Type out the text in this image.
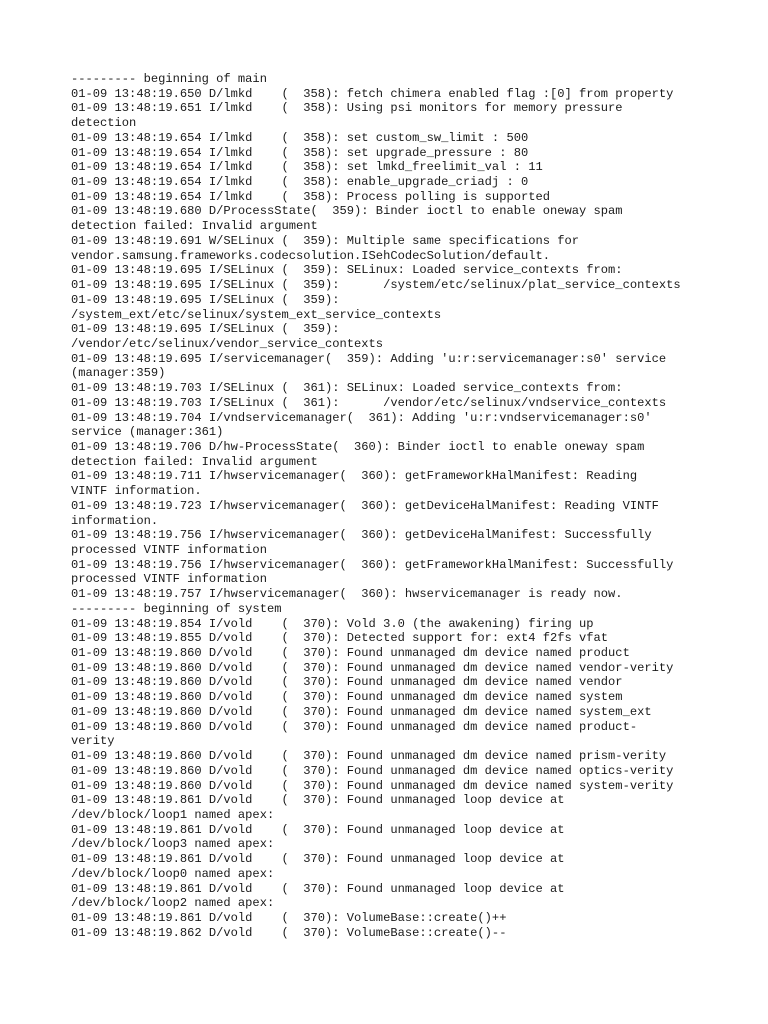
--------- beginning of main
01-09 13:48:19.650 D/lmkd    (  358): fetch chimera enabled flag :[0] from property
01-09 13:48:19.651 I/lmkd    (  358): Using psi monitors for memory pressure
detection
01-09 13:48:19.654 I/lmkd    (  358): set custom_sw_limit : 500
01-09 13:48:19.654 I/lmkd    (  358): set upgrade_pressure : 80
01-09 13:48:19.654 I/lmkd    (  358): set lmkd_freelimit_val : 11
01-09 13:48:19.654 I/lmkd    (  358): enable_upgrade_criadj : 0
01-09 13:48:19.654 I/lmkd    (  358): Process polling is supported
01-09 13:48:19.680 D/ProcessState(  359): Binder ioctl to enable oneway spam
detection failed: Invalid argument
01-09 13:48:19.691 W/SELinux (  359): Multiple same specifications for
vendor.samsung.frameworks.codecsolution.ISehCodecSolution/default.
01-09 13:48:19.695 I/SELinux (  359): SELinux: Loaded service_contexts from:
01-09 13:48:19.695 I/SELinux (  359):      /system/etc/selinux/plat_service_contexts
01-09 13:48:19.695 I/SELinux (  359):
/system_ext/etc/selinux/system_ext_service_contexts
01-09 13:48:19.695 I/SELinux (  359):
/vendor/etc/selinux/vendor_service_contexts
01-09 13:48:19.695 I/servicemanager(  359): Adding 'u:r:servicemanager:s0' service
(manager:359)
01-09 13:48:19.703 I/SELinux (  361): SELinux: Loaded service_contexts from:
01-09 13:48:19.703 I/SELinux (  361):      /vendor/etc/selinux/vndservice_contexts
01-09 13:48:19.704 I/vndservicemanager(  361): Adding 'u:r:vndservicemanager:s0'
service (manager:361)
01-09 13:48:19.706 D/hw-ProcessState(  360): Binder ioctl to enable oneway spam
detection failed: Invalid argument
01-09 13:48:19.711 I/hwservicemanager(  360): getFrameworkHalManifest: Reading
VINTF information.
01-09 13:48:19.723 I/hwservicemanager(  360): getDeviceHalManifest: Reading VINTF
information.
01-09 13:48:19.756 I/hwservicemanager(  360): getDeviceHalManifest: Successfully
processed VINTF information
01-09 13:48:19.756 I/hwservicemanager(  360): getFrameworkHalManifest: Successfully
processed VINTF information
01-09 13:48:19.757 I/hwservicemanager(  360): hwservicemanager is ready now.
--------- beginning of system
01-09 13:48:19.854 I/vold    (  370): Vold 3.0 (the awakening) firing up
01-09 13:48:19.855 D/vold    (  370): Detected support for: ext4 f2fs vfat
01-09 13:48:19.860 D/vold    (  370): Found unmanaged dm device named product
01-09 13:48:19.860 D/vold    (  370): Found unmanaged dm device named vendor-verity
01-09 13:48:19.860 D/vold    (  370): Found unmanaged dm device named vendor
01-09 13:48:19.860 D/vold    (  370): Found unmanaged dm device named system
01-09 13:48:19.860 D/vold    (  370): Found unmanaged dm device named system_ext
01-09 13:48:19.860 D/vold    (  370): Found unmanaged dm device named product-
verity
01-09 13:48:19.860 D/vold    (  370): Found unmanaged dm device named prism-verity
01-09 13:48:19.860 D/vold    (  370): Found unmanaged dm device named optics-verity
01-09 13:48:19.860 D/vold    (  370): Found unmanaged dm device named system-verity
01-09 13:48:19.861 D/vold    (  370): Found unmanaged loop device at
/dev/block/loop1 named apex:
01-09 13:48:19.861 D/vold    (  370): Found unmanaged loop device at
/dev/block/loop3 named apex:
01-09 13:48:19.861 D/vold    (  370): Found unmanaged loop device at
/dev/block/loop0 named apex:
01-09 13:48:19.861 D/vold    (  370): Found unmanaged loop device at
/dev/block/loop2 named apex:
01-09 13:48:19.861 D/vold    (  370): VolumeBase::create()++
01-09 13:48:19.862 D/vold    (  370): VolumeBase::create()--
